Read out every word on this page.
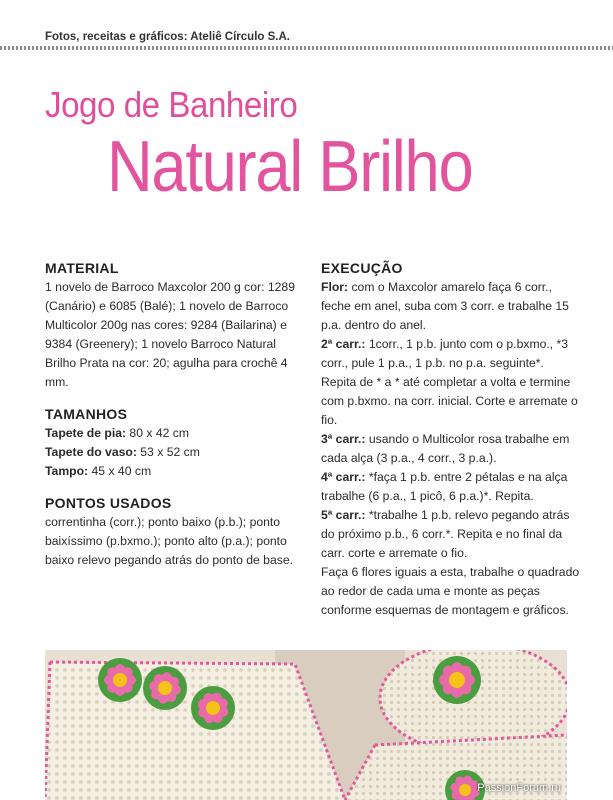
Fotos, receitas e gráficos: Ateliê Círculo S.A.
Jogo de Banheiro
Natural Brilho
MATERIAL

1 novelo de Barroco Maxcolor 200 g cor: 1289 (Canário) e 6085 (Balé); 1 novelo de Barroco Multicolor 200g nas cores: 9284 (Bailarina) e 9384 (Greenery); 1 novelo Barroco Natural Brilho Prata na cor: 20; agulha para crochê 4 mm.

TAMANHOS

Tapete de pia: 80 x 42 cm

Tapete do vaso: 53 x 52 cm

Tampo: 45 x 40 cm

PONTOS USADOS

correntinha (corr.); ponto baixo (p.b.); ponto baixíssimo (p.bxmo.); ponto alto (p.a.); ponto baixo relevo pegando atrás do ponto de base.

EXECUÇÃO

Flor: com o Maxcolor amarelo faça 6 corr., feche em anel, suba com 3 corr. e trabalhe 15 p.a. dentro do anel.

2ª carr.: 1corr., 1 p.b. junto com o p.bxmo., *3 corr., pule 1 p.a., 1 p.b. no p.a. seguinte*. Repita de * a * até completar a volta e termine com p.bxmo. na corr. inicial. Corte e arremate o fio.

3ª carr.: usando o Multicolor rosa trabalhe em cada alça (3 p.a., 4 corr., 3 p.a.).

4ª carr.: *faça 1 p.b. entre 2 pétalas e na alça trabalhe (6 p.a., 1 picô, 6 p.a.)*. Repita.

5ª carr.: *trabalhe 1 p.b. relevo pegando atrás do próximo p.b., 6 corr.*. Repita e no final da carr. corte e arremate o fio.

Faça 6 flores iguais a esta, trabalhe o quadrado ao redor de cada uma e monte as peças conforme esquemas de montagem e gráficos.

PassionForum.ru
